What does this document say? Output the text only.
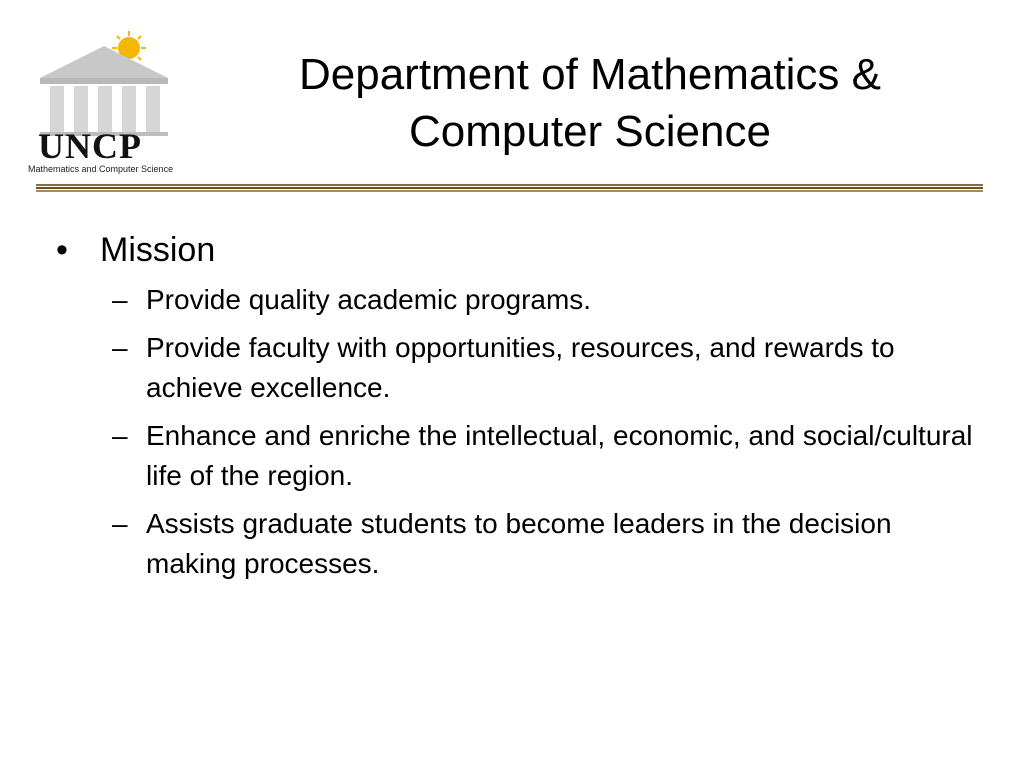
UNCP
Mathematics and Computer Science
Department of Mathematics &
Computer Science
• Mission
– Provide quality academic programs.
– Provide faculty with opportunities, resources, and rewards to achieve excellence.
– Enhance and enriche the intellectual, economic, and social/cultural life of the region.
– Assists graduate students to become leaders in the decision making processes.
